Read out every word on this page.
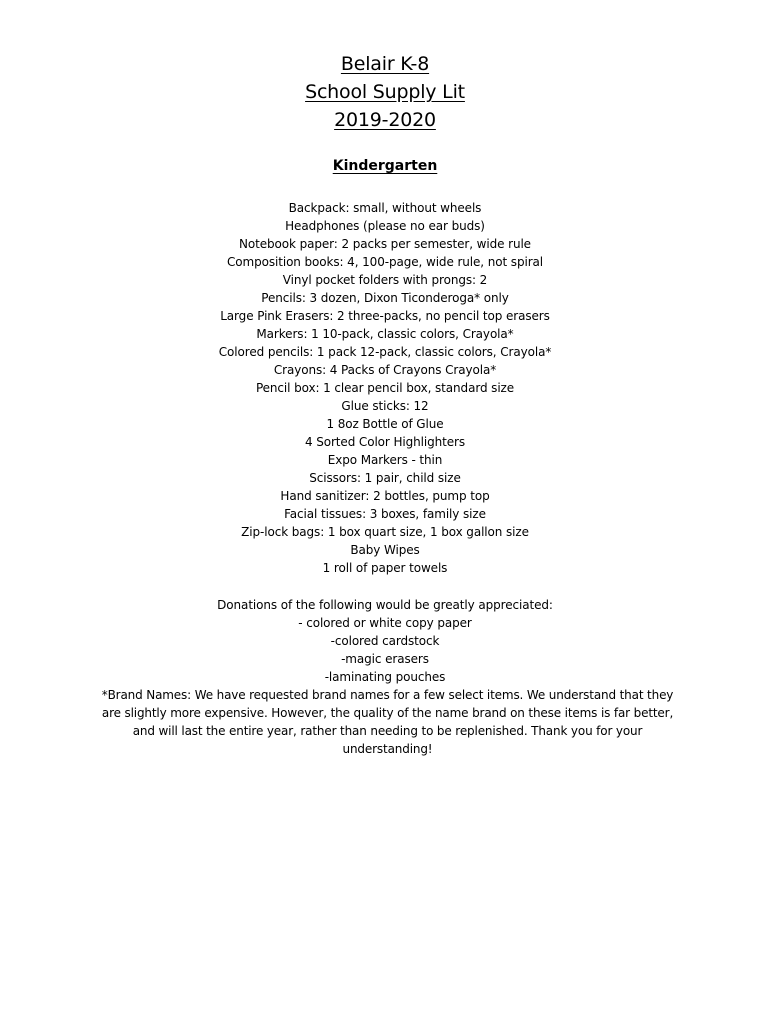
Belair K-8
School Supply Lit
2019-2020
Kindergarten
Backpack: small, without wheels
Headphones (please no ear buds)
Notebook paper: 2 packs per semester, wide rule
Composition books: 4, 100-page, wide rule, not spiral
Vinyl pocket folders with prongs: 2
Pencils: 3 dozen, Dixon Ticonderoga* only
Large Pink Erasers: 2 three-packs, no pencil top erasers
Markers: 1 10-pack, classic colors, Crayola*
Colored pencils: 1 pack 12-pack, classic colors, Crayola*
Crayons: 4 Packs of Crayons Crayola*
Pencil box: 1 clear pencil box, standard size
Glue sticks: 12
1 8oz Bottle of Glue
4 Sorted Color Highlighters
Expo Markers - thin
Scissors: 1 pair, child size
Hand sanitizer: 2 bottles, pump top
Facial tissues: 3 boxes, family size
Zip-lock bags: 1 box quart size, 1 box gallon size
Baby Wipes
1 roll of paper towels
Donations of the following would be greatly appreciated:
- colored or white copy paper
-colored cardstock
-magic erasers
-laminating pouches
*Brand Names: We have requested brand names for a few select items. We understand that they are slightly more expensive. However, the quality of the name brand on these items is far better, and will last the entire year, rather than needing to be replenished. Thank you for your understanding!
